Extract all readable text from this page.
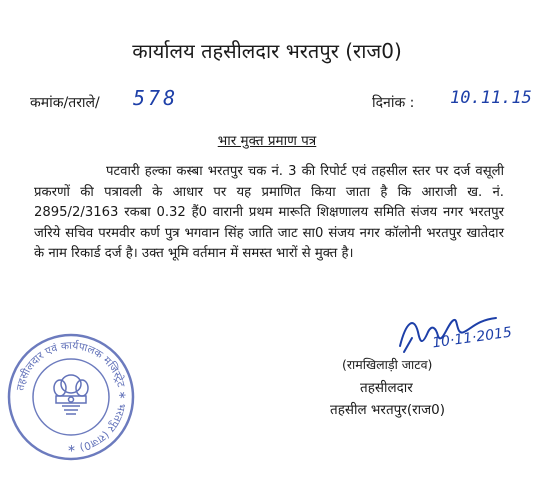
कार्यालय तहसीलदार भरतपुर (राज0)
कमांक/तराले/ 578	दिनांक : 10.11.15
भार मुक्त प्रमाण पत्र

पटवारी हल्का कस्बा भरतपुर चक नं. 3 की रिपोर्ट एवं तहसील स्तर पर दर्ज वसूली प्रकरणों की पत्रावली के आधार पर यह प्रमाणित किया जाता है कि आराजी ख. नं. 2895/2/3163 रकबा 0.32 हैं0 वारानी प्रथम मारूति शिक्षणालय समिति संजय नगर भरतपुर जरिये सचिव परमवीर कर्ण पुत्र भगवान सिंह जाति जाट सा0 संजय नगर कॉलोनी भरतपुर खातेदार के नाम रिकार्ड दर्ज है। उक्त भूमि वर्तमान में समस्त भारों से मुक्त है।

10·11·2015
(रामखिलाड़ी जाटव)
तहसीलदार
तहसील भरतपुर(राज0)
तहसीलदार एवं कार्यपालक मजिस्ट्रेट ∗ भरतपुर (राज0) ∗
